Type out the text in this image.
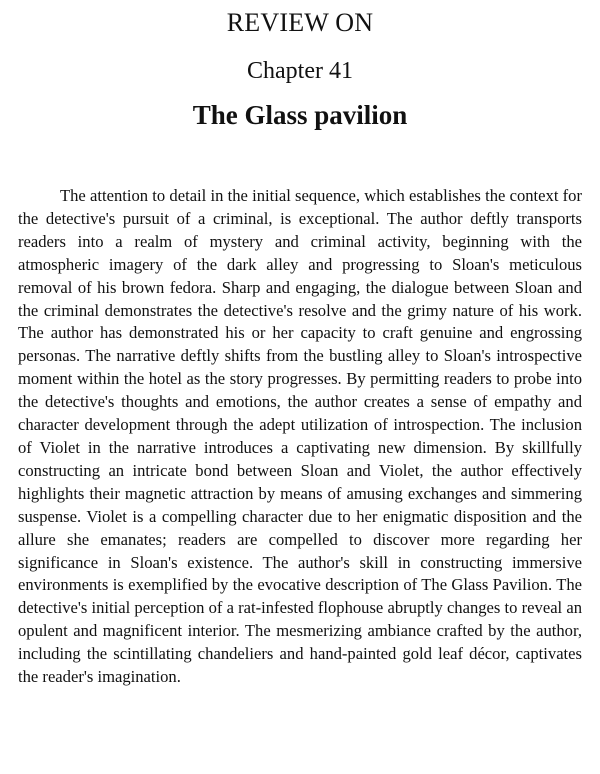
REVIEW ON
Chapter 41
The Glass pavilion

The attention to detail in the initial sequence, which establishes the context for the detective's pursuit of a criminal, is exceptional. The author deftly transports readers into a realm of mystery and criminal activity, beginning with the atmospheric imagery of the dark alley and progressing to Sloan's meticulous removal of his brown fedora. Sharp and engaging, the dialogue between Sloan and the criminal demonstrates the detective's resolve and the grimy nature of his work. The author has demonstrated his or her capacity to craft genuine and engrossing personas. The narrative deftly shifts from the bustling alley to Sloan's introspective moment within the hotel as the story progresses. By permitting readers to probe into the detective's thoughts and emotions, the author creates a sense of empathy and character development through the adept utilization of introspection. The inclusion of Violet in the narrative introduces a captivating new dimension. By skillfully constructing an intricate bond between Sloan and Violet, the author effectively highlights their magnetic attraction by means of amusing exchanges and simmering suspense. Violet is a compelling character due to her enigmatic disposition and the allure she emanates; readers are compelled to discover more regarding her significance in Sloan's existence. The author's skill in constructing immersive environments is exemplified by the evocative description of The Glass Pavilion. The detective's initial perception of a rat-infested flophouse abruptly changes to reveal an opulent and magnificent interior. The mesmerizing ambiance crafted by the author, including the scintillating chandeliers and hand-painted gold leaf décor, captivates the reader's imagination.
